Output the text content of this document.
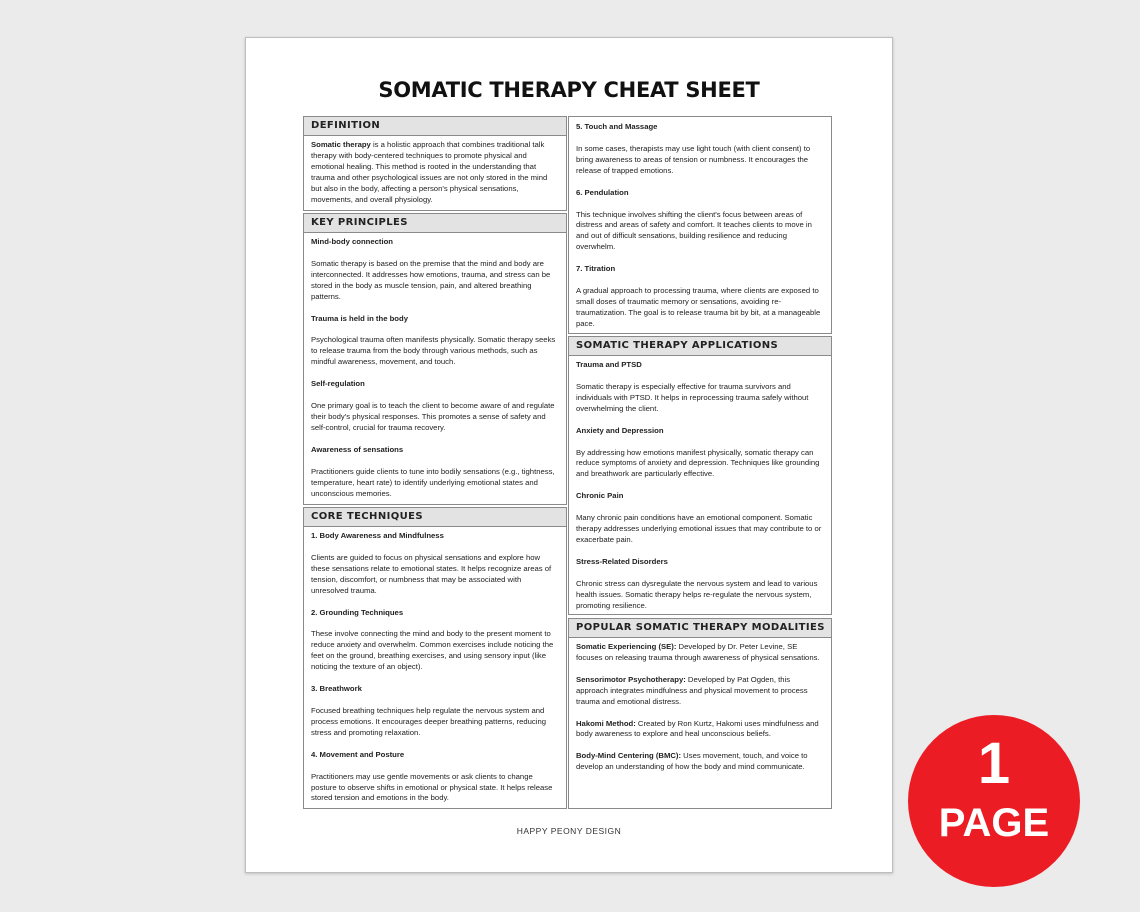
SOMATIC THERAPY CHEAT SHEET
DEFINITION

Somatic therapy is a holistic approach that combines traditional talk therapy with body-centered techniques to promote physical and emotional healing. This method is rooted in the understanding that trauma and other psychological issues are not only stored in the mind but also in the body, affecting a person's physical sensations, movements, and overall physiology.

KEY PRINCIPLES
Mind-body connection

Somatic therapy is based on the premise that the mind and body are interconnected. It addresses how emotions, trauma, and stress can be stored in the body as muscle tension, pain, and altered breathing patterns.

Trauma is held in the body

Psychological trauma often manifests physically. Somatic therapy seeks to release trauma from the body through various methods, such as mindful awareness, movement, and touch.

Self-regulation

One primary goal is to teach the client to become aware of and regulate their body's physical responses. This promotes a sense of safety and self-control, crucial for trauma recovery.

Awareness of sensations

Practitioners guide clients to tune into bodily sensations (e.g., tightness, temperature, heart rate) to identify underlying emotional states and unconscious memories.

CORE TECHNIQUES
1. Body Awareness and Mindfulness

Clients are guided to focus on physical sensations and explore how these sensations relate to emotional states. It helps recognize areas of tension, discomfort, or numbness that may be associated with unresolved trauma.

2. Grounding Techniques

These involve connecting the mind and body to the present moment to reduce anxiety and overwhelm. Common exercises include noticing the feet on the ground, breathing exercises, and using sensory input (like noticing the texture of an object).

3. Breathwork

Focused breathing techniques help regulate the nervous system and process emotions. It encourages deeper breathing patterns, reducing stress and promoting relaxation.

4. Movement and Posture

Practitioners may use gentle movements or ask clients to change posture to observe shifts in emotional or physical state. It helps release stored tension and emotions in the body.

5. Touch and Massage

In some cases, therapists may use light touch (with client consent) to bring awareness to areas of tension or numbness. It encourages the release of trapped emotions.

6. Pendulation

This technique involves shifting the client's focus between areas of distress and areas of safety and comfort. It teaches clients to move in and out of difficult sensations, building resilience and reducing overwhelm.

7. Titration

A gradual approach to processing trauma, where clients are exposed to small doses of traumatic memory or sensations, avoiding re-traumatization. The goal is to release trauma bit by bit, at a manageable pace.

SOMATIC THERAPY APPLICATIONS
Trauma and PTSD

Somatic therapy is especially effective for trauma survivors and individuals with PTSD. It helps in reprocessing trauma safely without overwhelming the client.

Anxiety and Depression

By addressing how emotions manifest physically, somatic therapy can reduce symptoms of anxiety and depression. Techniques like grounding and breathwork are particularly effective.

Chronic Pain

Many chronic pain conditions have an emotional component. Somatic therapy addresses underlying emotional issues that may contribute to or exacerbate pain.

Stress-Related Disorders

Chronic stress can dysregulate the nervous system and lead to various health issues. Somatic therapy helps re-regulate the nervous system, promoting resilience.

POPULAR SOMATIC THERAPY MODALITIES

Somatic Experiencing (SE): Developed by Dr. Peter Levine, SE focuses on releasing trauma through awareness of physical sensations.

Sensorimotor Psychotherapy: Developed by Pat Ogden, this approach integrates mindfulness and physical movement to process trauma and emotional distress.

Hakomi Method: Created by Ron Kurtz, Hakomi uses mindfulness and body awareness to explore and heal unconscious beliefs.

Body-Mind Centering (BMC): Uses movement, touch, and voice to develop an understanding of how the body and mind communicate.

HAPPY PEONY DESIGN
1
PAGE
